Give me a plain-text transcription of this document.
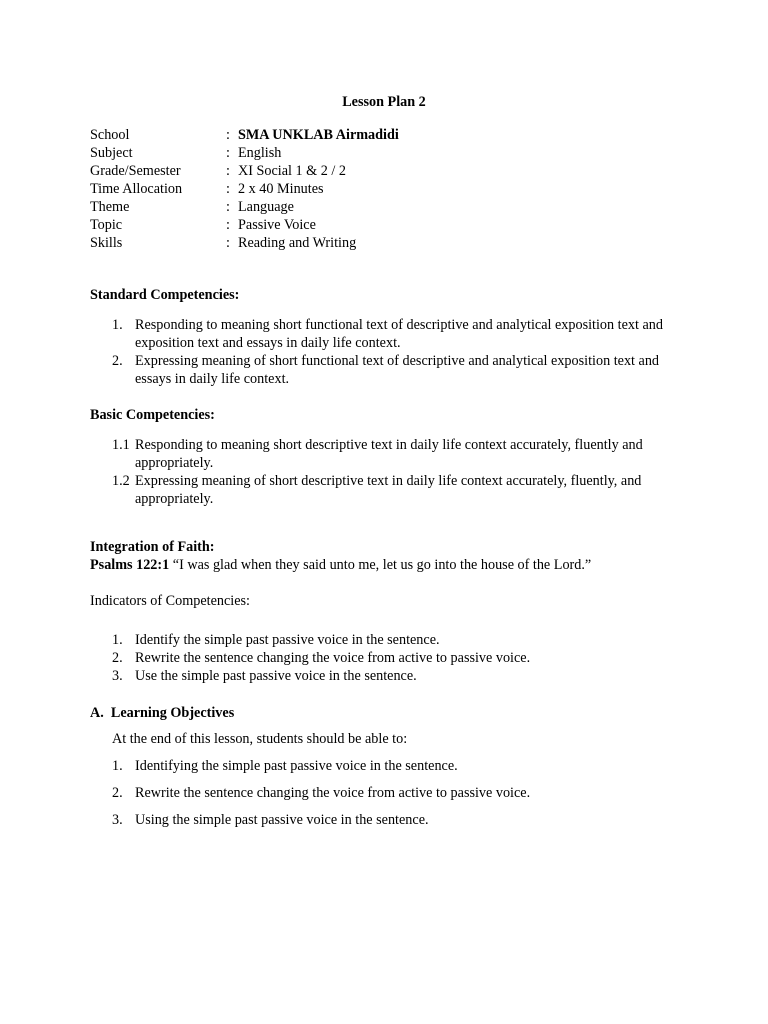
Lesson Plan 2
School	: SMA UNKLAB Airmadidi
Subject	: English
Grade/Semester	: XI Social 1 & 2 / 2
Time Allocation	: 2 x 40 Minutes
Theme	: Language
Topic	: Passive Voice
Skills	: Reading and Writing
Standard Competencies:
1. Responding to meaning short functional text of descriptive and analytical exposition text and exposition text and essays in daily life context.
2. Expressing meaning of short functional text of descriptive and analytical exposition text and essays in daily life context.
Basic Competencies:
1.1 Responding to meaning short descriptive text in daily life context accurately, fluently and appropriately.
1.2 Expressing meaning of short descriptive text in daily life context accurately, fluently, and appropriately.
Integration of Faith:
Psalms 122:1 “I was glad when they said unto me, let us go into the house of the Lord.”
Indicators of Competencies:
1. Identify the simple past passive voice in the sentence.
2. Rewrite the sentence changing the voice from active to passive voice.
3. Use the simple past passive voice in the sentence.
A.  Learning Objectives
At the end of this lesson, students should be able to:
1. Identifying the simple past passive voice in the sentence.
2. Rewrite the sentence changing the voice from active to passive voice.
3. Using the simple past passive voice in the sentence.
